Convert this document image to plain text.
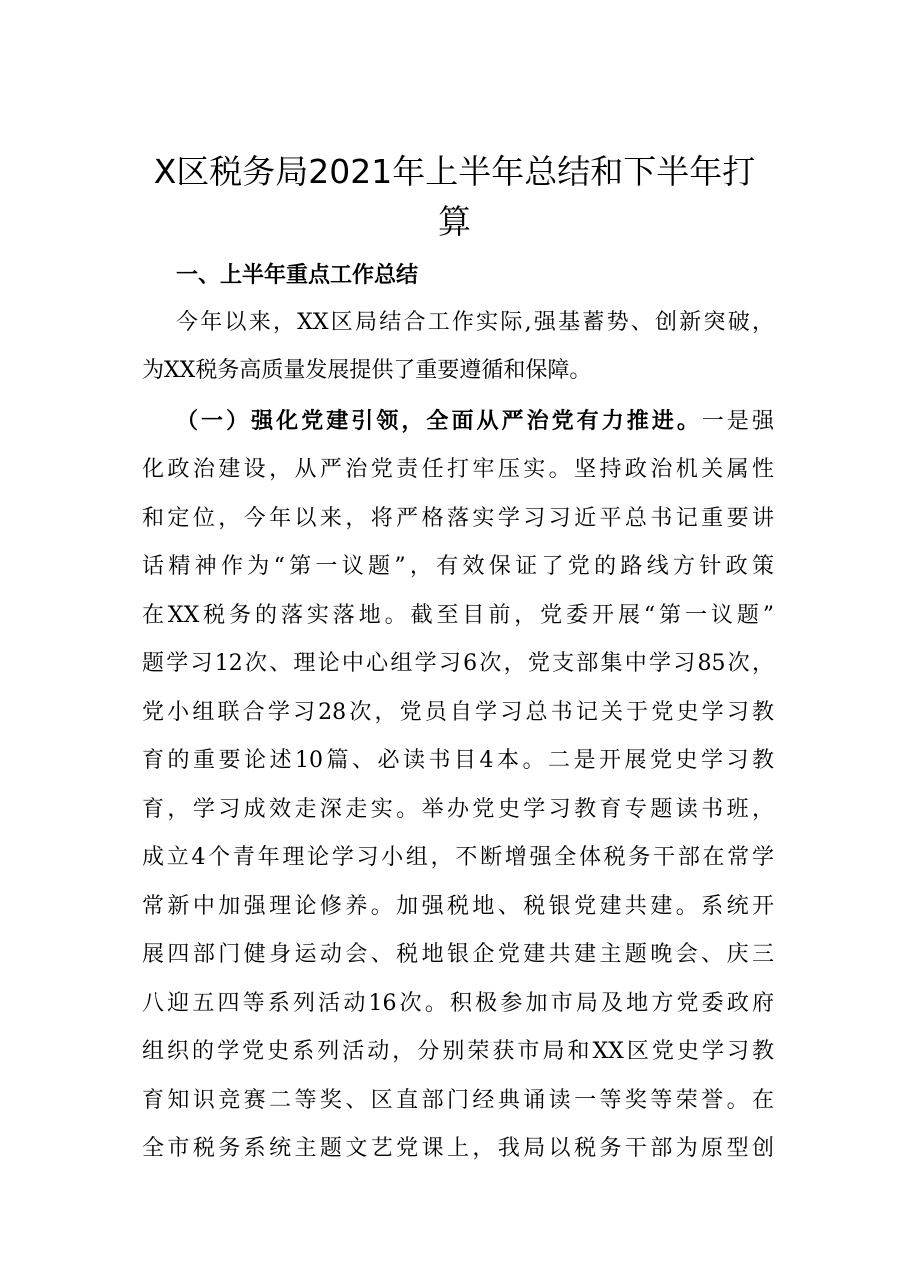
X区税务局2021年上半年总结和下半年打
算
一、上半年重点工作总结
今年以来，XX区局结合工作实际,强基蓄势、创新突破，
为XX税务高质量发展提供了重要遵循和保障。
（一）强化党建引领，全面从严治党有力推进。一是强
化政治建设，从严治党责任打牢压实。坚持政治机关属性
和定位，今年以来，将严格落实学习习近平总书记重要讲
话精神作为“第一议题”，有效保证了党的路线方针政策
在XX税务的落实落地。截至目前，党委开展“第一议题”
题学习12次、理论中心组学习6次，党支部集中学习85次，
党小组联合学习28次，党员自学习总书记关于党史学习教
育的重要论述10篇、必读书目4本。二是开展党史学习教
育，学习成效走深走实。举办党史学习教育专题读书班，
成立4个青年理论学习小组，不断增强全体税务干部在常学
常新中加强理论修养。加强税地、税银党建共建。系统开
展四部门健身运动会、税地银企党建共建主题晚会、庆三
八迎五四等系列活动16次。积极参加市局及地方党委政府
组织的学党史系列活动，分别荣获市局和XX区党史学习教
育知识竞赛二等奖、区直部门经典诵读一等奖等荣誉。在
全市税务系统主题文艺党课上，我局以税务干部为原型创
